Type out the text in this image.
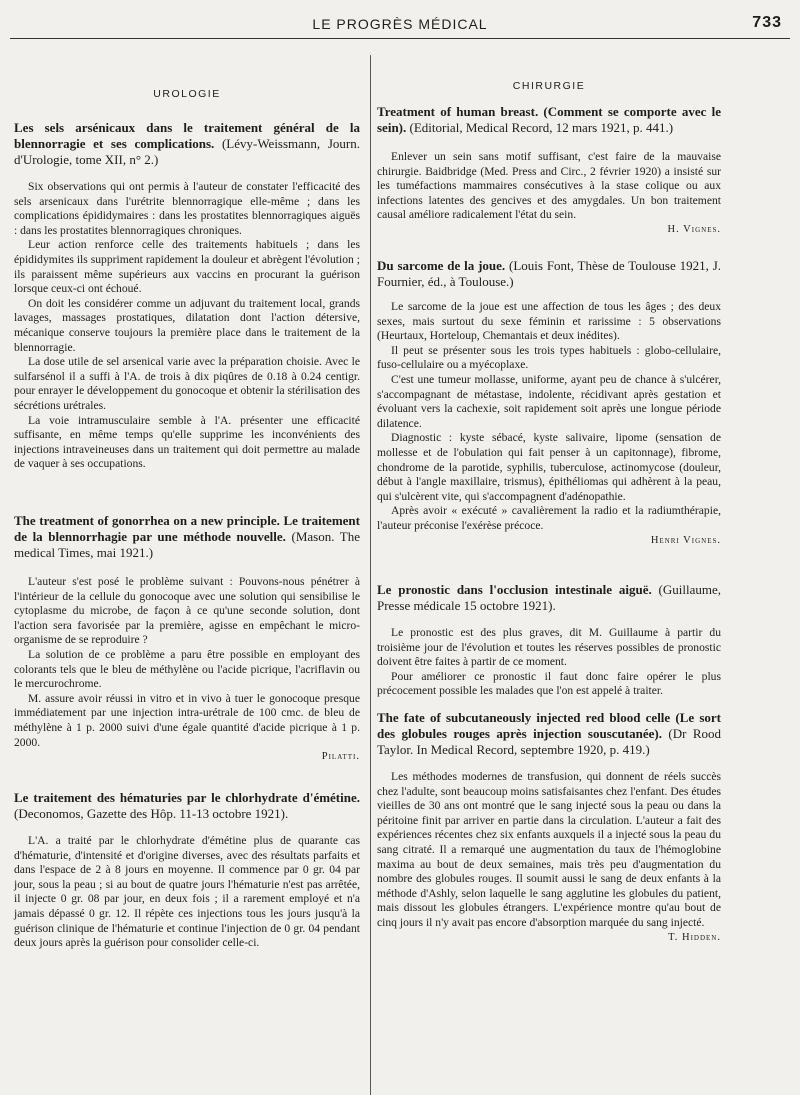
LE PROGRÈS MÉDICAL	733
UROLOGIE

Les sels arsénicaux dans le traitement général de la blennorragie et ses complications. (Lévy-Weissmann, Journ. d'Urologie, tome XII, n° 2.)

Six observations qui ont permis à l'auteur de constater l'efficacité des sels arsenicaux dans l'urétrite blennorragique elle-même ; dans les complications épididymaires : dans les prostatites blennorragiques aiguës : dans les prostatites blennorragiques chroniques.

Leur action renforce celle des traitements habituels ; dans les épididymites ils suppriment rapidement la douleur et abrègent l'évolution ; ils paraissent même supérieurs aux vaccins en procurant la guérison lorsque ceux-ci ont échoué.

On doit les considérer comme un adjuvant du traitement local, grands lavages, massages prostatiques, dilatation dont l'action détersive, mécanique conserve toujours la première place dans le traitement de la blennorragie.

La dose utile de sel arsenical varie avec la préparation choisie. Avec le sulfarsénol il a suffi à l'A. de trois à dix piqûres de 0.18 à 0.24 centigr. pour enrayer le développement du gonocoque et obtenir la stérilisation des sécrétions urétrales.

La voie intramusculaire semble à l'A. présenter une efficacité suffisante, en même temps qu'elle supprime les inconvénients des injections intraveineuses dans un traitement qui doit permettre au malade de vaquer à ses occupations.

The treatment of gonorrhea on a new principle. Le traitement de la blennorrhagie par une méthode nouvelle. (Mason. The medical Times, mai 1921.)

L'auteur s'est posé le problème suivant : Pouvons-nous pénétrer à l'intérieur de la cellule du gonocoque avec une solution qui sensibilise le cytoplasme du microbe, de façon à ce qu'une seconde solution, dont l'action sera favorisée par la première, agisse en empêchant le micro-organisme de se reproduire ?

La solution de ce problème a paru être possible en employant des colorants tels que le bleu de méthylène ou l'acide picrique, l'acriflavin ou le mercurochrome.

M. assure avoir réussi in vitro et in vivo à tuer le gonocoque presque immédiatement par une injection intra-urétrale de 100 cmc. de bleu de méthylène à 1 p. 2000 suivi d'une égale quantité d'acide picrique à 1 p. 2000.

Pilatti.

Le traitement des hématuries par le chlorhydrate d'émétine. (Deconomos, Gazette des Hôp. 11-13 octobre 1921).

L'A. a traité par le chlorhydrate d'émétine plus de quarante cas d'hématurie, d'intensité et d'origine diverses, avec des résultats parfaits et dans l'espace de 2 à 8 jours en moyenne. Il commence par 0 gr. 04 par jour, sous la peau ; si au bout de quatre jours l'hématurie n'est pas arrêtée, il injecte 0 gr. 08 par jour, en deux fois ; il a rarement employé et n'a jamais dépassé 0 gr. 12. Il répète ces injections tous les jours jusqu'à la guérison clinique de l'hématurie et continue l'injection de 0 gr. 04 pendant deux jours après la guérison pour consolider celle-ci.

CHIRURGIE

Treatment of human breast. (Comment se comporte avec le sein). (Editorial, Medical Record, 12 mars 1921, p. 441.)

Enlever un sein sans motif suffisant, c'est faire de la mauvaise chirurgie. Baidbridge (Med. Press and Circ., 2 février 1920) a insisté sur les tuméfactions mammaires consécutives à la stase colique ou aux infections latentes des gencives et des amygdales. Un bon traitement causal améliore radicalement l'état du sein.

H. Vignes.

Du sarcome de la joue. (Louis Font, Thèse de Toulouse 1921, J. Fournier, éd., à Toulouse.)

Le sarcome de la joue est une affection de tous les âges ; des deux sexes, mais surtout du sexe féminin et rarissime : 5 observations (Heurtaux, Horteloup, Chemantais et deux inédites).

Il peut se présenter sous les trois types habituels : globo-cellulaire, fuso-cellulaire ou a myécoplaxe.

C'est une tumeur mollasse, uniforme, ayant peu de chance à s'ulcérer, s'accompagnant de métastase, indolente, récidivant après gestation et évoluant vers la cachexie, soit rapidement soit après une longue période dilatence.

Diagnostic : kyste sébacé, kyste salivaire, lipome (sensation de mollesse et de l'obulation qui fait penser à un capitonnage), fibrome, chondrome de la parotide, syphilis, tuberculose, actinomycose (douleur, début à l'angle maxillaire, trismus), épithéliomas qui adhèrent à la peau, qui s'ulcèrent vite, qui s'accompagnent d'adénopathie.

Après avoir « exécuté » cavalièrement la radio et la radiumthérapie, l'auteur préconise l'exérèse précoce.

Henri Vignes.

Le pronostic dans l'occlusion intestinale aiguë. (Guillaume, Presse médicale 15 octobre 1921).

Le pronostic est des plus graves, dit M. Guillaume à partir du troisième jour de l'évolution et toutes les réserves possibles de pronostic doivent être faites à partir de ce moment.

Pour améliorer ce pronostic il faut donc faire opérer le plus précocement possible les malades que l'on est appelé à traiter.

The fate of subcutaneously injected red blood celle (Le sort des globules rouges après injection souscutanée). (Dr Rood Taylor. In Medical Record, septembre 1920, p. 419.)

Les méthodes modernes de transfusion, qui donnent de réels succès chez l'adulte, sont beaucoup moins satisfaisantes chez l'enfant. Des études vieilles de 30 ans ont montré que le sang injecté sous la peau ou dans la péritoine finit par arriver en partie dans la circulation. L'auteur a fait des expériences récentes chez six enfants auxquels il a injecté sous la peau du sang citraté. Il a remarqué une augmentation du taux de l'hémoglobine maxima au bout de deux semaines, mais très peu d'augmentation du nombre des globules rouges. Il soumit aussi le sang de deux enfants à la méthode d'Ashly, selon laquelle le sang agglutine les globules du patient, mais dissout les globules étrangers. L'expérience montre qu'au bout de cinq jours il n'y avait pas encore d'absorption marquée du sang injecté.

T. Hidden.
